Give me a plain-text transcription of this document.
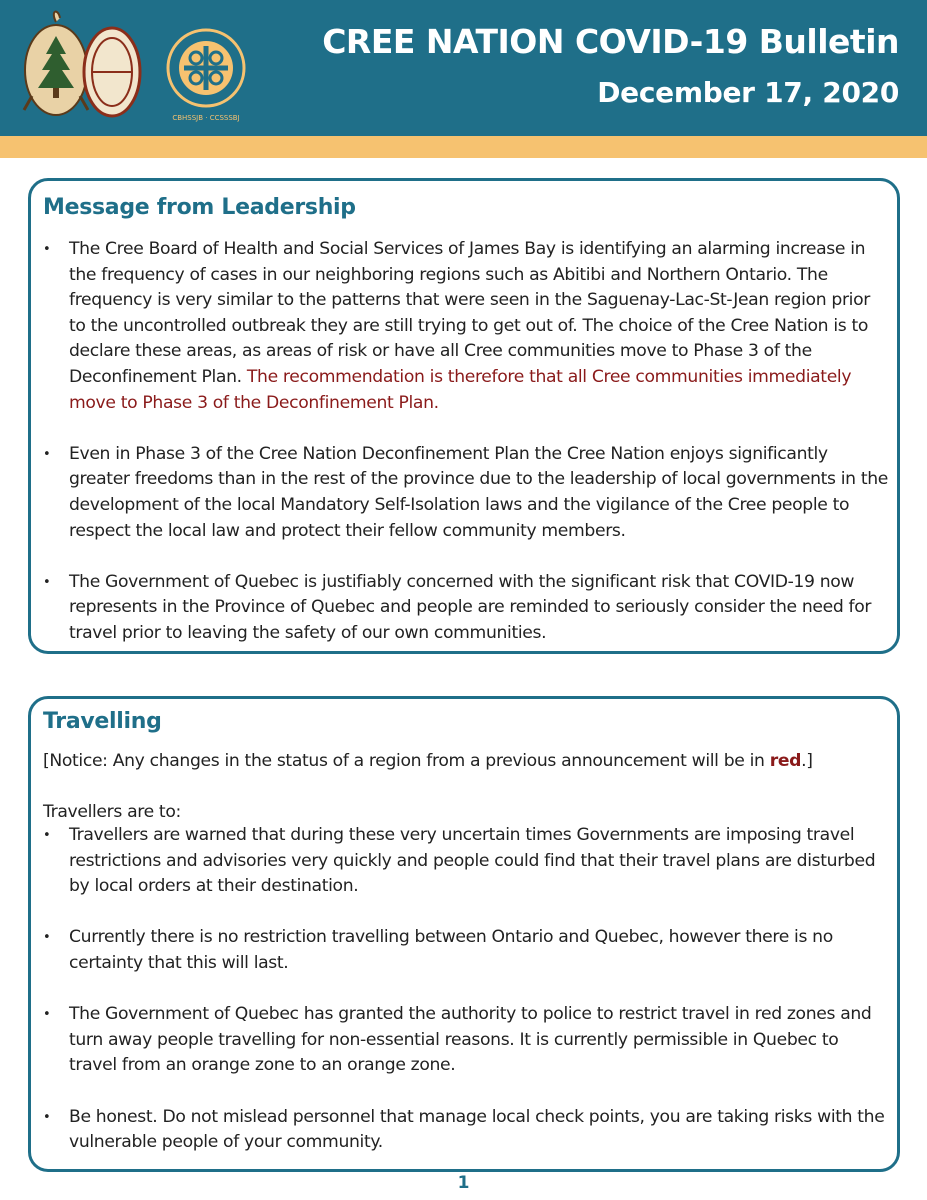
CBHSSJB · CCSSSBJ
CREE NATION COVID-19 Bulletin
December 17, 2020
Message from Leadership
• The Cree Board of Health and Social Services of James Bay is identifying an alarming increase in the frequency of cases in our neighboring regions such as Abitibi and Northern Ontario. The frequency is very similar to the patterns that were seen in the Saguenay-Lac-St-Jean region prior to the uncontrolled outbreak they are still trying to get out of. The choice of the Cree Nation is to declare these areas, as areas of risk or have all Cree communities move to Phase 3 of the Deconfinement Plan. The recommendation is therefore that all Cree communities immediately move to Phase 3 of the Deconfinement Plan.
• Even in Phase 3 of the Cree Nation Deconfinement Plan the Cree Nation enjoys significantly greater freedoms than in the rest of the province due to the leadership of local governments in the development of the local Mandatory Self-Isolation laws and the vigilance of the Cree people to respect the local law and protect their fellow community members.
• The Government of Quebec is justifiably concerned with the significant risk that COVID-19 now represents in the Province of Quebec and people are reminded to seriously consider the need for travel prior to leaving the safety of our own communities.
Travelling

[Notice: Any changes in the status of a region from a previous announcement will be in red.]

Travellers are to:

• Travellers are warned that during these very uncertain times Governments are imposing travel restrictions and advisories very quickly and people could find that their travel plans are disturbed by local orders at their destination.
• Currently there is no restriction travelling between Ontario and Quebec, however there is no certainty that this will last.
• The Government of Quebec has granted the authority to police to restrict travel in red zones and turn away people travelling for non-essential reasons. It is currently permissible in Quebec to travel from an orange zone to an orange zone.
• Be honest. Do not mislead personnel that manage local check points, you are taking risks with the vulnerable people of your community.
1
